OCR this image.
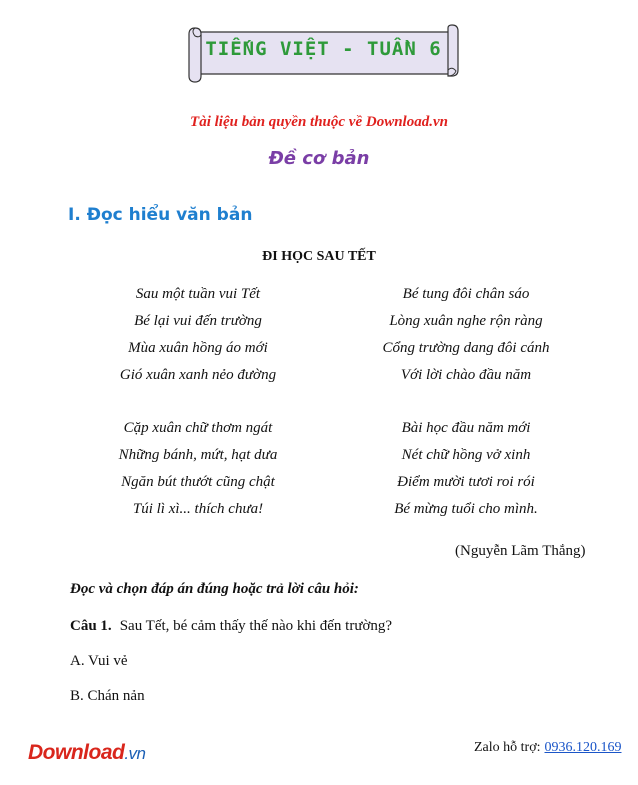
TIẾNG VIỆT - TUẦN 6
Tài liệu bản quyền thuộc về Download.vn
Đề cơ bản
I. Đọc hiểu văn bản
ĐI HỌC SAU TẾT
Sau một tuần vui Tết
Bé lại vui đến trường
Mùa xuân hồng áo mới
Gió xuân xanh nẻo đường
Bé tung đôi chân sáo
Lòng xuân nghe rộn ràng
Cổng trường dang đôi cánh
Với lời chào đầu năm
Cặp xuân chữ thơm ngát
Những bánh, mứt, hạt dưa
Ngăn bút thướt cũng chật
Túi lì xì... thích chưa!
Bài học đầu năm mới
Nét chữ hồng vở xinh
Điểm mười tươi roi rói
Bé mừng tuổi cho mình.
(Nguyễn Lãm Thắng)
Đọc và chọn đáp án đúng hoặc trả lời câu hỏi:
Câu 1. Sau Tết, bé cảm thấy thế nào khi đến trường?
A. Vui vẻ
B. Chán nản
Download.vn	Zalo hỗ trợ: 0936.120.169
